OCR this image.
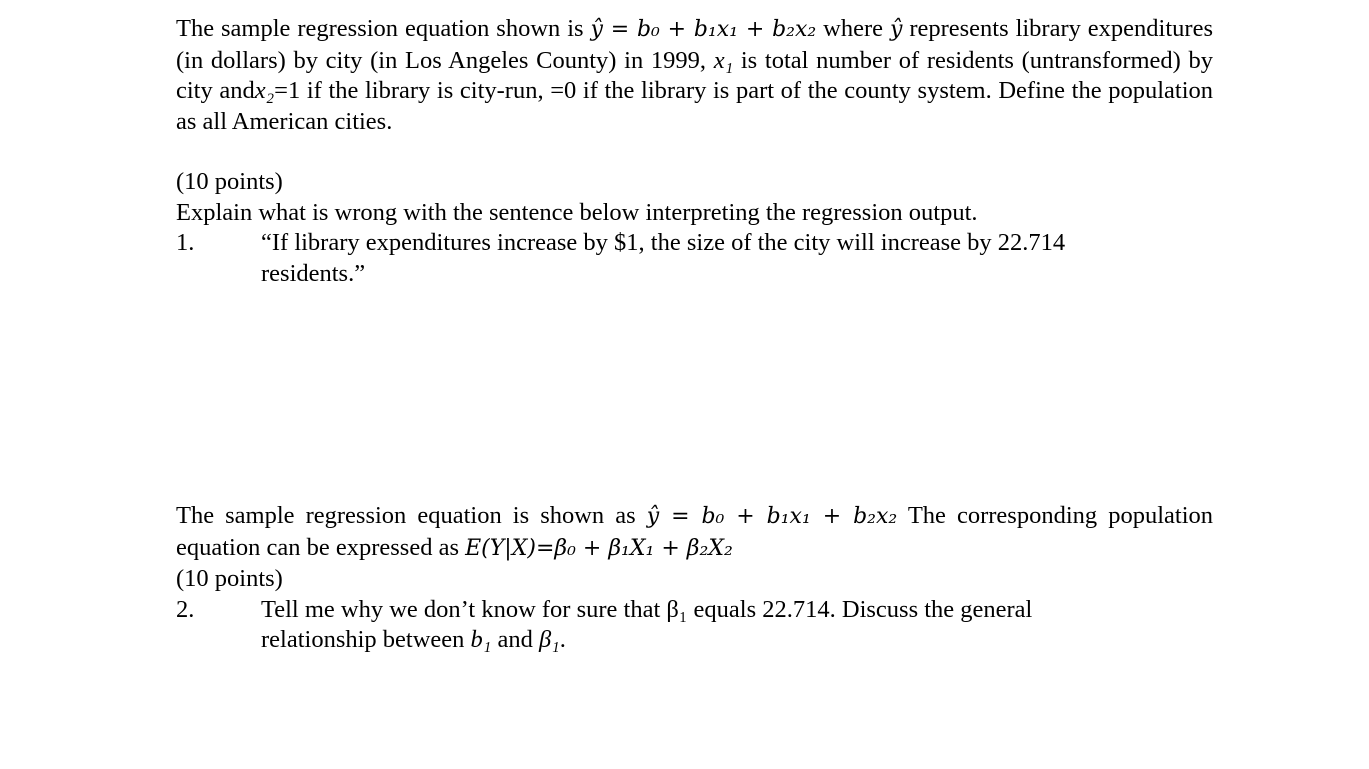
The sample regression equation shown is ŷ = b₀ + b₁x₁ + b₂x₂ where ŷ represents library expenditures (in dollars) by city (in Los Angeles County) in 1999, x₁ is total number of residents (untransformed) by city andx₂=1 if the library is city-run, =0 if the library is part of the county system. Define the population as all American cities.

(10 points)
Explain what is wrong with the sentence below interpreting the regression output.
1.	“If library expenditures increase by $1, the size of the city will increase by 22.714 residents.”

The sample regression equation is shown as ŷ = b₀ + b₁x₁ + b₂x₂ The corresponding population equation can be expressed as E(Y|X)=β₀ + β₁X₁ + β₂X₂

(10 points)
2.	Tell me why we don’t know for sure that β₁ equals 22.714. Discuss the general relationship between b₁ and β₁.
